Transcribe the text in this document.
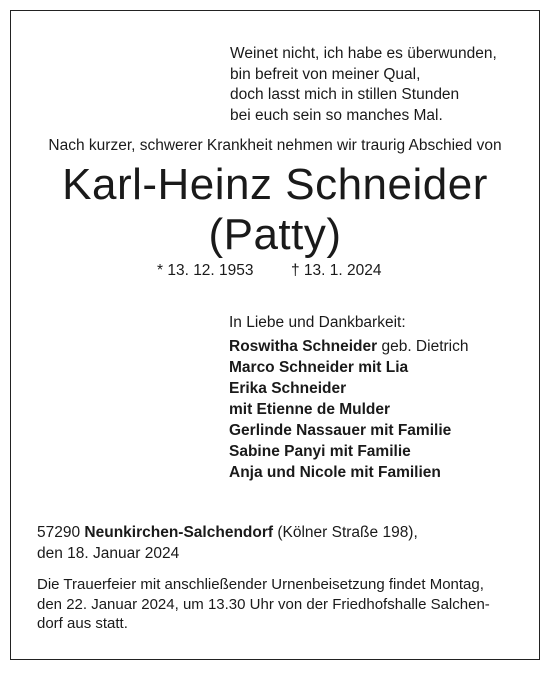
Weinet nicht, ich habe es überwunden,
bin befreit von meiner Qual,
doch lasst mich in stillen Stunden
bei euch sein so manches Mal.
Nach kurzer, schwerer Krankheit nehmen wir traurig Abschied von
Karl-Heinz Schneider
(Patty)
* 13. 12. 1953 † 13. 1. 2024
In Liebe und Dankbarkeit:
Roswitha Schneider geb. Dietrich
Marco Schneider mit Lia
Erika Schneider
mit Etienne de Mulder
Gerlinde Nassauer mit Familie
Sabine Panyi mit Familie
Anja und Nicole mit Familien
57290 Neunkirchen-Salchendorf (Kölner Straße 198),
den 18. Januar 2024
Die Trauerfeier mit anschließender Urnenbeisetzung findet Montag,
den 22. Januar 2024, um 13.30 Uhr von der Friedhofshalle Salchen-
dorf aus statt.
